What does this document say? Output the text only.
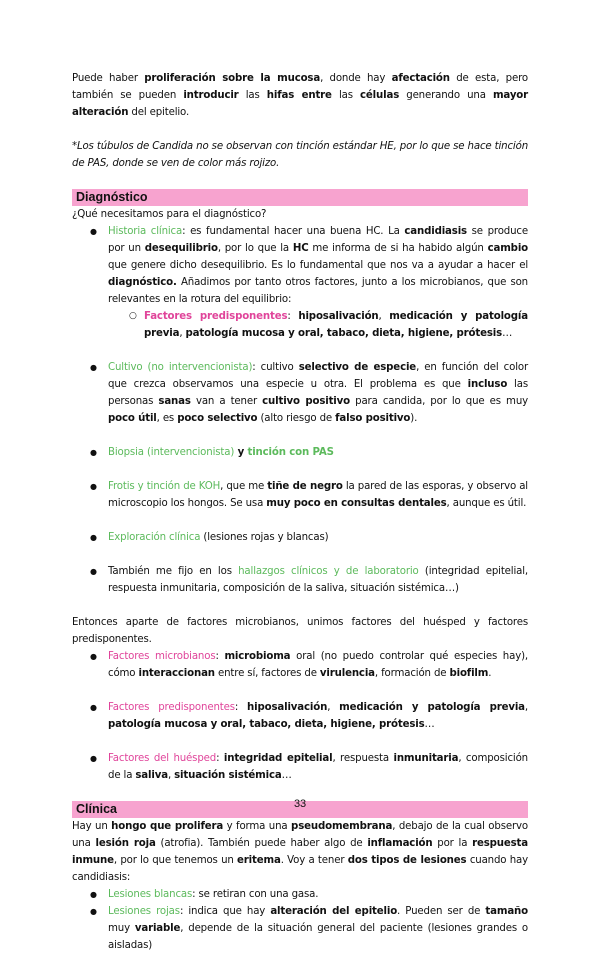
Puede haber proliferación sobre la mucosa, donde hay afectación de esta, pero también se pueden introducir las hifas entre las células generando una mayor alteración del epitelio.

*Los túbulos de Candida no se observan con tinción estándar HE, por lo que se hace tinción de PAS, donde se ven de color más rojizo.

Diagnóstico

¿Qué necesitamos para el diagnóstico?

● Historia clínica: es fundamental hacer una buena HC. La candidiasis se produce por un desequilibrio, por lo que la HC me informa de si ha habido algún cambio que genere dicho desequilibrio. Es lo fundamental que nos va a ayudar a hacer el diagnóstico. Añadimos por tanto otros factores, junto a los microbianos, que son relevantes en la rotura del equilibrio:
○ Factores predisponentes: hiposalivación, medicación y patología previa, patología mucosa y oral, tabaco, dieta, higiene, prótesis…
● Cultivo (no intervencionista): cultivo selectivo de especie, en función del color que crezca observamos una especie u otra. El problema es que incluso las personas sanas van a tener cultivo positivo para candida, por lo que es muy poco útil, es poco selectivo (alto riesgo de falso positivo).
● Biopsia (intervencionista) y tinción con PAS
● Frotis y tinción de KOH, que me tiñe de negro la pared de las esporas, y observo al microscopio los hongos. Se usa muy poco en consultas dentales, aunque es útil.
● Exploración clínica (lesiones rojas y blancas)
● También me fijo en los hallazgos clínicos y de laboratorio (integridad epitelial, respuesta inmunitaria, composición de la saliva, situación sistémica…)

Entonces aparte de factores microbianos, unimos factores del huésped y factores predisponentes.

● Factores microbianos: microbioma oral (no puedo controlar qué especies hay), cómo interaccionan entre sí, factores de virulencia, formación de biofilm.
● Factores predisponentes: hiposalivación, medicación y patología previa, patología mucosa y oral, tabaco, dieta, higiene, prótesis…
● Factores del huésped: integridad epitelial, respuesta inmunitaria, composición de la saliva, situación sistémica…
Clínica

Hay un hongo que prolifera y forma una pseudomembrana, debajo de la cual observo una lesión roja (atrofia). También puede haber algo de inflamación por la respuesta inmune, por lo que tenemos un eritema. Voy a tener dos tipos de lesiones cuando hay candidiasis:

● Lesiones blancas: se retiran con una gasa.
● Lesiones rojas: indica que hay alteración del epitelio. Pueden ser de tamaño muy variable, depende de la situación general del paciente (lesiones grandes o aisladas)
33
